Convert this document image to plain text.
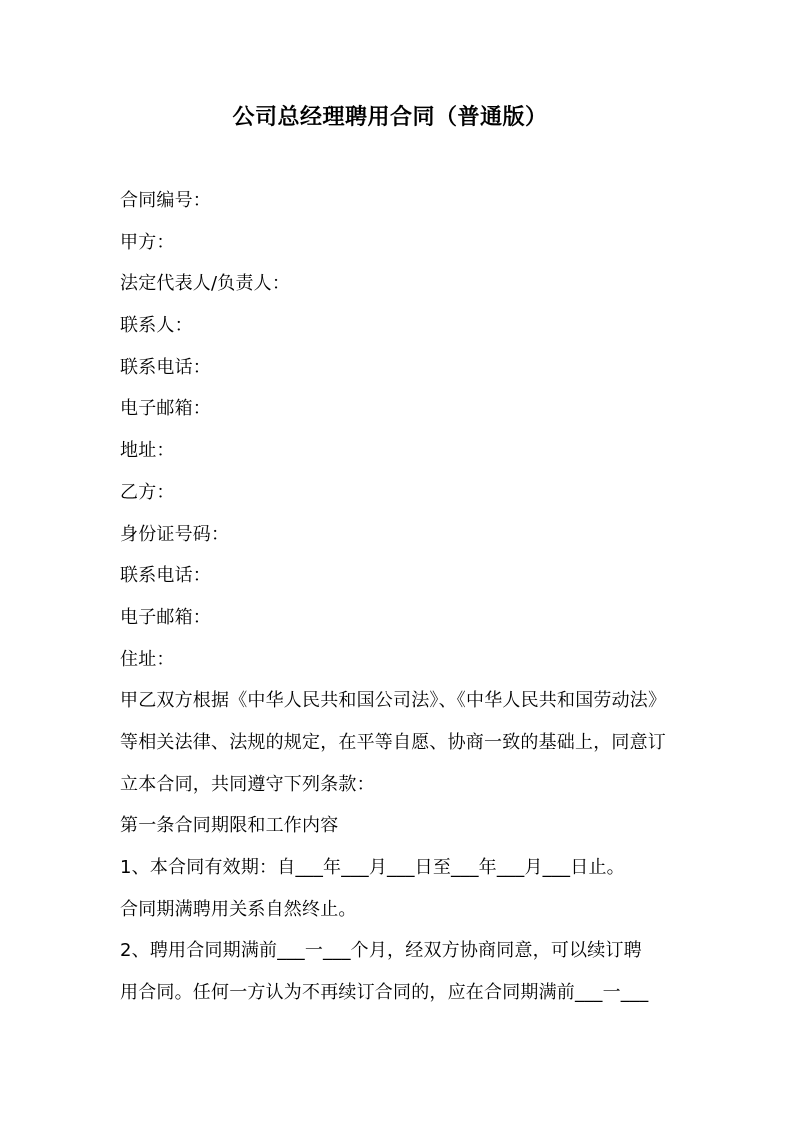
公司总经理聘用合同（普通版）
合同编号：
甲方：
法定代表人/负责人：
联系人：
联系电话：
电子邮箱：
地址：
乙方：
身份证号码：
联系电话：
电子邮箱：
住址：
甲乙双方根据《中华人民共和国公司法》、《中华人民共和国劳动法》
等相关法律、法规的规定，在平等自愿、协商一致的基础上，同意订
立本合同，共同遵守下列条款：
第一条合同期限和工作内容
1、本合同有效期：自___年___月___日至___年___月___日止。
合同期满聘用关系自然终止。
2、聘用合同期满前___一___个月，经双方协商同意，可以续订聘
用合同。任何一方认为不再续订合同的，应在合同期满前___一___
